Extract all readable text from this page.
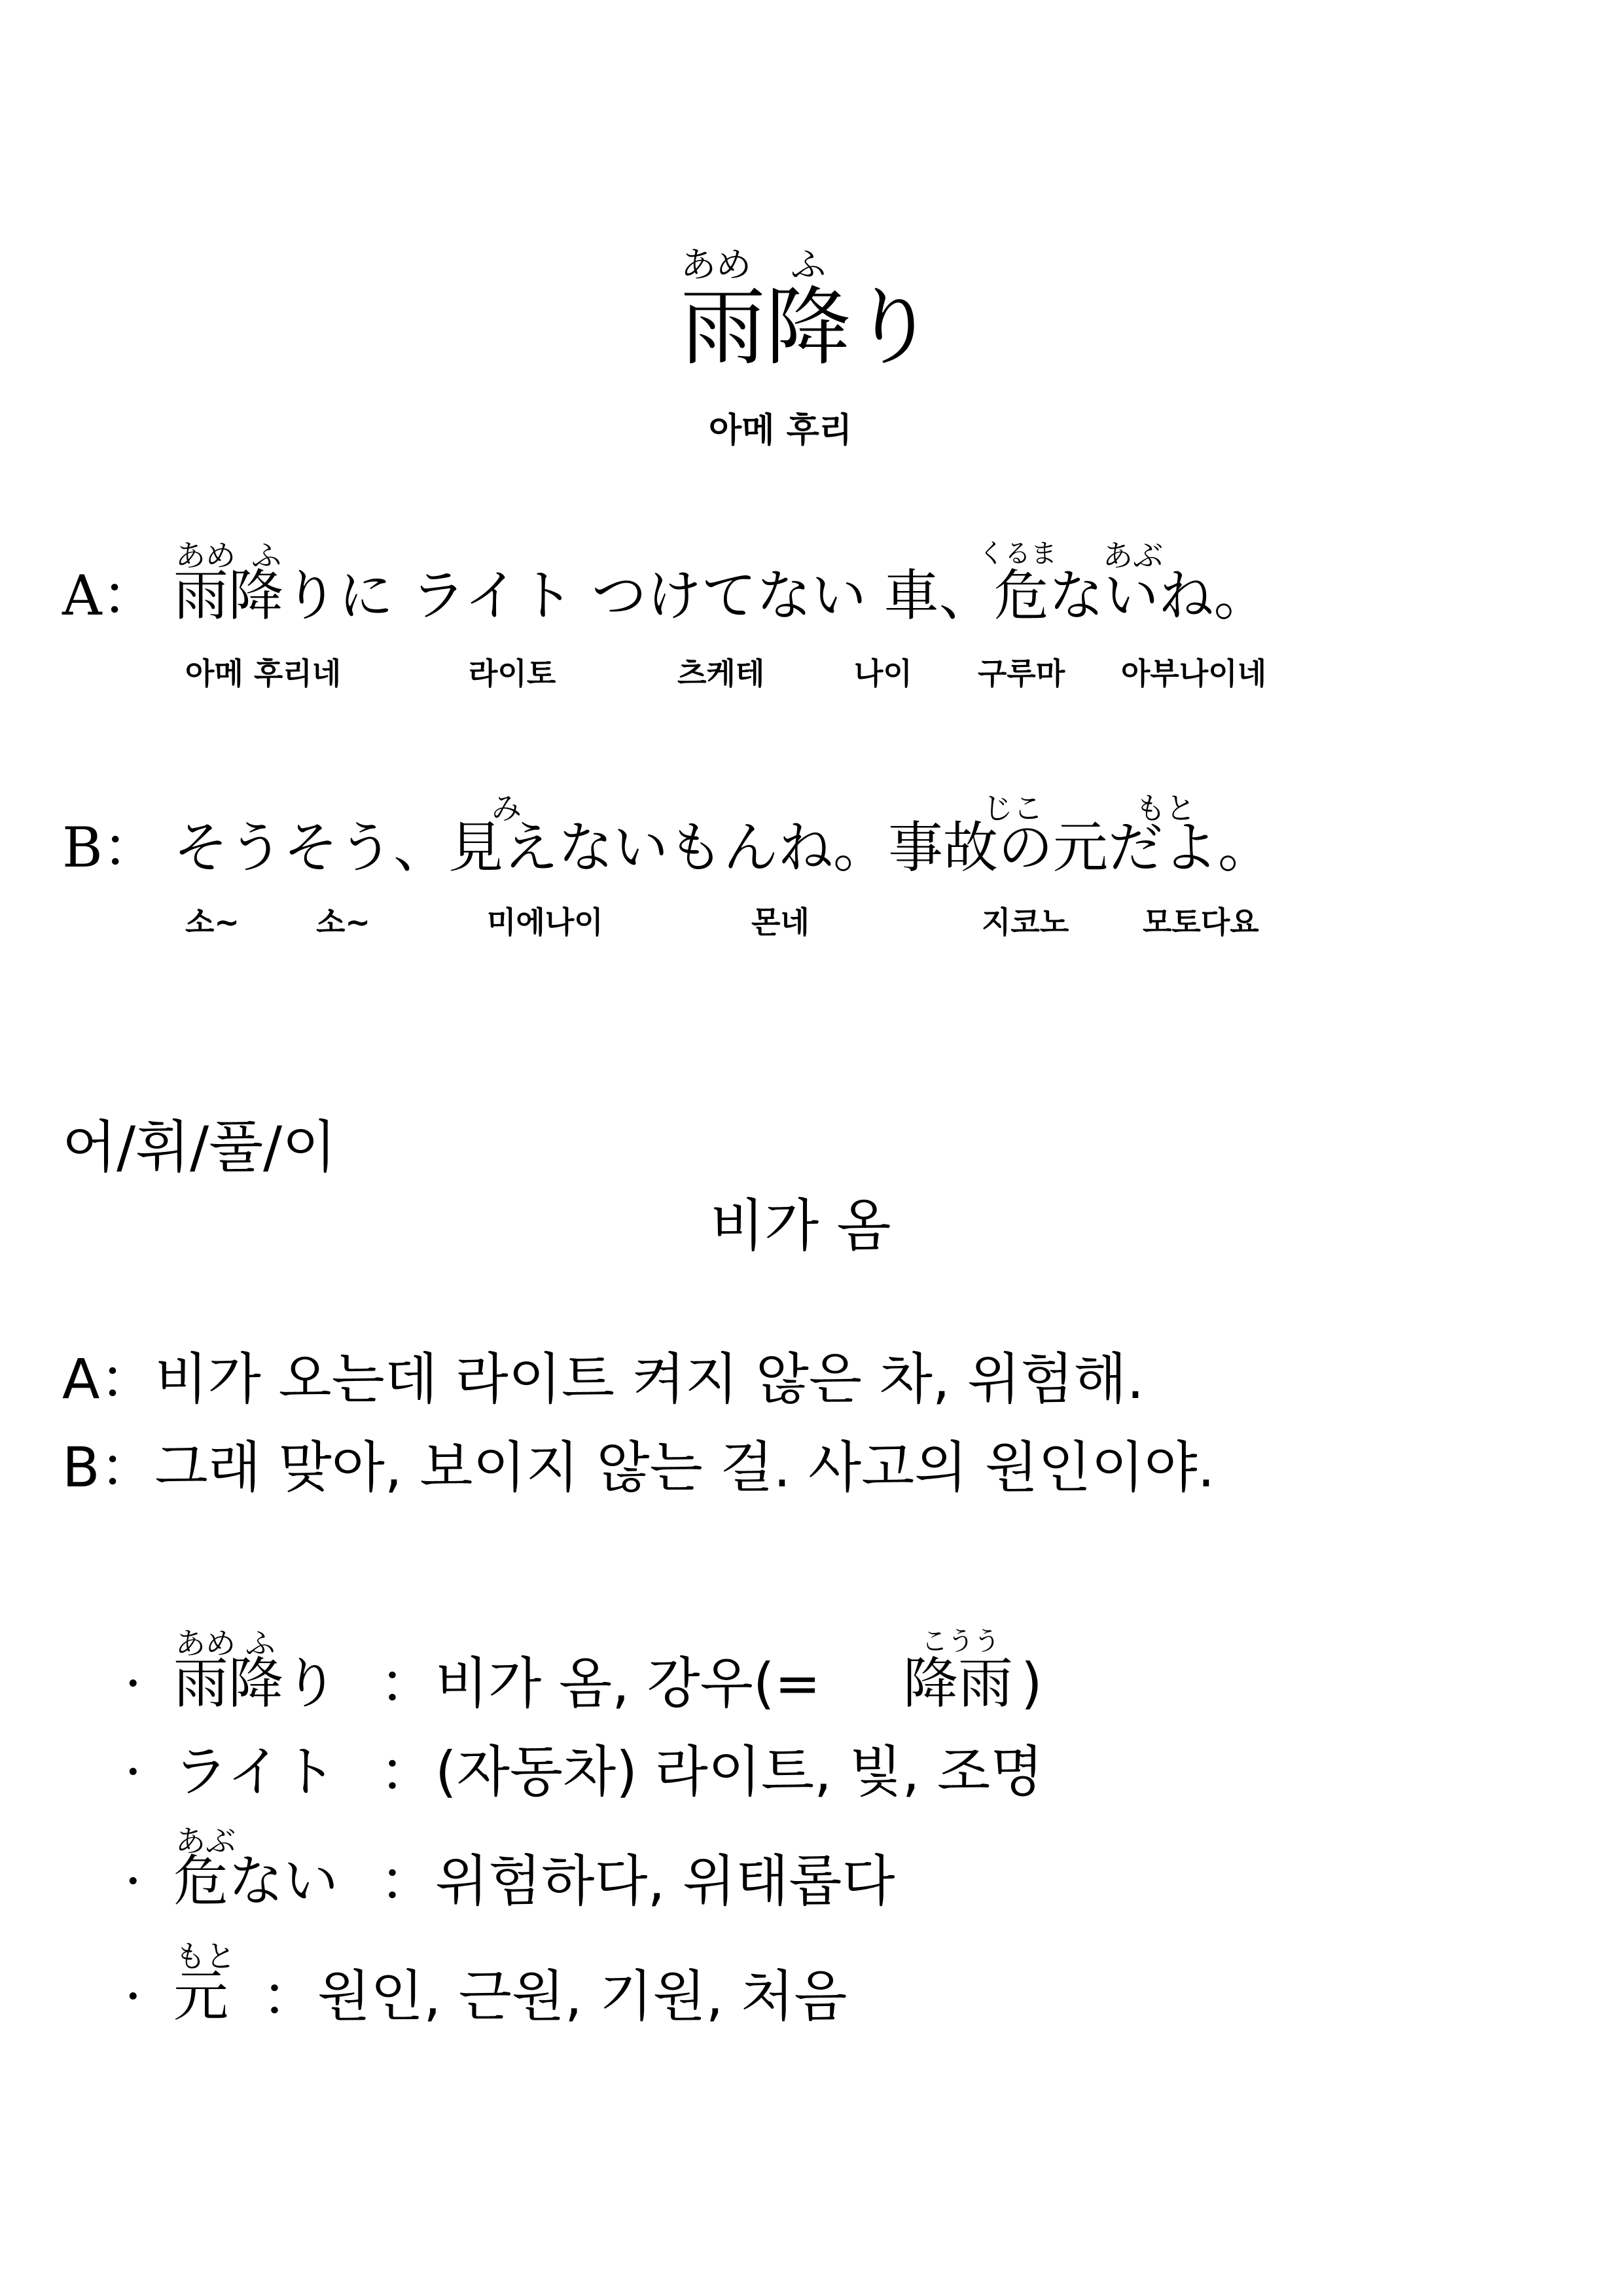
あめ ふ
雨降り
아메 후리
あめ ふ	くるま あぶ
A： 雨降りに ライト つけてない 車、危ないね。
아메 후리네	라이토	츠케테	나이 구루마 아부나이네
み	じこ	もと
B： そうそう、見えないもんね。事故の元だよ。
소~	소~	미에나이	몬네	지코노 모토다요
어/휘/풀/이
비가 옴
A：비가 오는데 라이트 켜지 않은 차, 위험해.
B：그래 맞아, 보이지 않는 걸. 사고의 원인이야.
あめ ふ
· 雨降り ： 비가 옴, 강우(=
こうう
降雨 )
· ライト ： (자동차) 라이트, 빛, 조명
あぶ
· 危ない ： 위험하다, 위태롭다
もと
· 元 ： 원인, 근원, 기원, 처음
